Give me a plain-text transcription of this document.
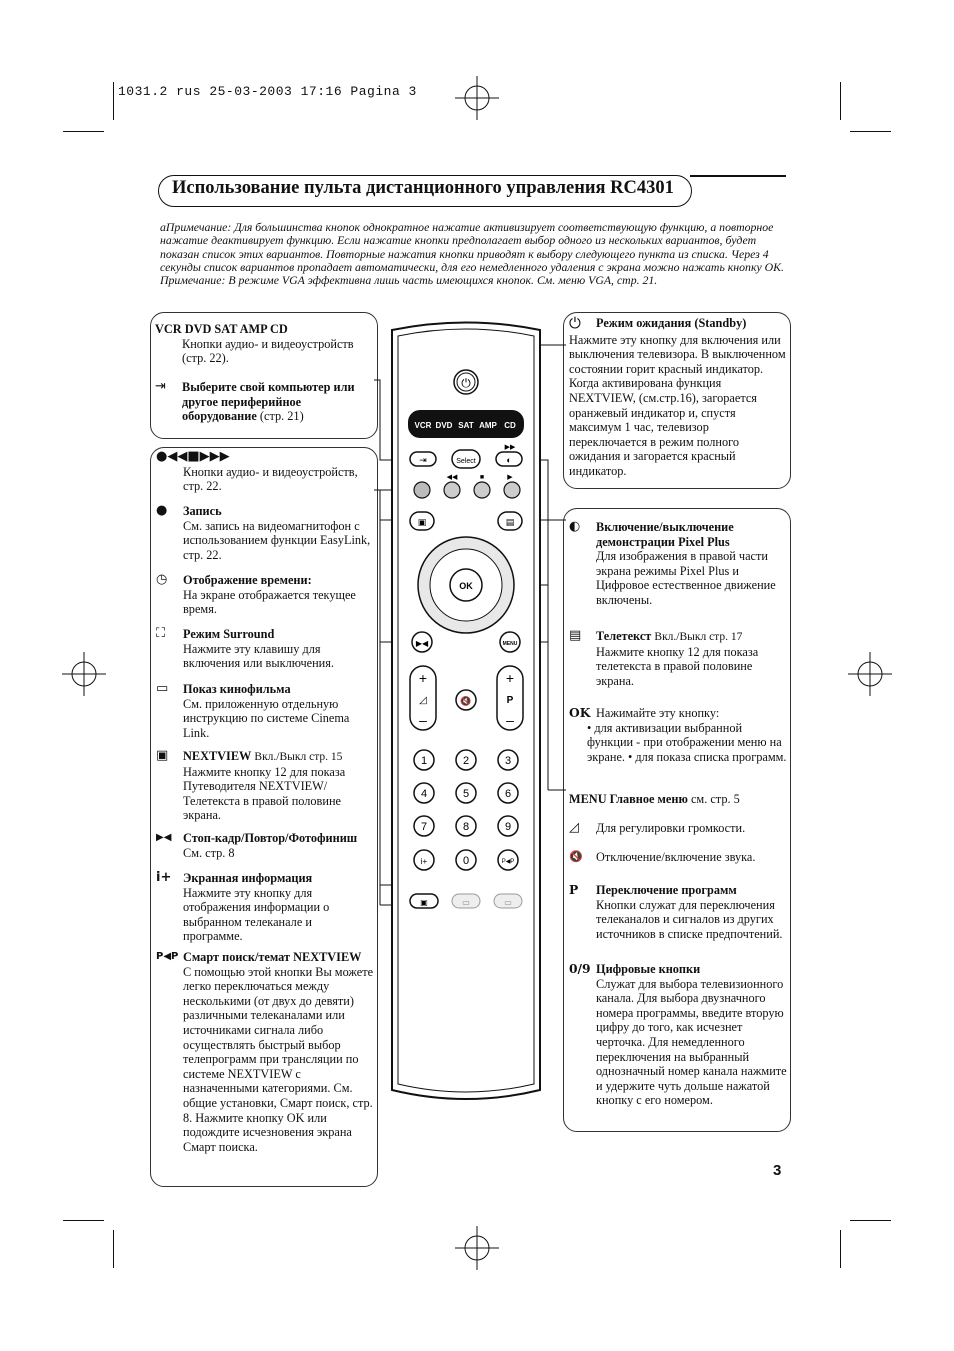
1031.2 rus 25-03-2003 17:16 Pagina 3
Использование пульта дистанционного управления RC4301

аПримечание: Для большинства кнопок однократное нажатие активизирует соответствующую функцию, а повторное нажатие деактивирует функцию. Если нажатие кнопки предполагает выбор одного из нескольких вариантов, будет показан список этих вариантов. Повторные нажатия кнопки приводят к выбору следующего пункта из списка. Через 4 секунды список вариантов пропадает автоматически, для его немедленного удаления с экрана можно нажать кнопку OK.

Примечание: В режиме VGA эффективна лишь часть имеющихся кнопок. См. меню VGA, стр. 21.

VCR DVD SAT AMP CD
Кнопки аудио- и видеоустройств (стр. 22).
⇥	Выберите свой компьютер или другое периферийное оборудование (стр. 21)
●◀◀■▶▶▶
Кнопки аудио- и видеоустройств, стр. 22.
●	Запись
См. запись на видеомагнитофон с использованием функции EasyLink, стр. 22.
◷	Отображение времени:
На экране отображается текущее время.
⛶	Режим Surround
Нажмите эту клавишу для включения или выключения.
▭	Показ кинофильма
См. приложенную отдельную инструкцию по системе Cinema Link.
▣	NEXTVIEW Вкл./Выкл стр. 15
Нажмите кнопку 12 для показа Путеводителя NEXTVIEW/ Телетекста в правой половине экрана.
▶◀ Стоп-кадр/Повтор/Фотофиниш
См. стр. 8
i+ Экранная информация
Нажмите эту кнопку для отображения информации о выбранном телеканале и программе.
P◀P Смарт поиск/темат NEXTVIEW
С помощью этой кнопки Вы можете легко переключаться между несколькими (от двух до девяти) различными телеканалами или источниками сигнала либо осуществлять быстрый выбор телепрограмм при трансляции по системе NEXTVIEW с назначенными категориями. См. общие установки, Смарт поиск, стр. 8. Нажмите кнопку OK или подождите исчезновения экрана Смарт поиска.
⏻	Режим ожидания (Standby)
Нажмите эту кнопку для включения или выключения телевизора. В выключенном состоянии горит красный индикатор. Когда активирована функция NEXTVIEW, (см.стр.16), загорается оранжевый индикатор и, спустя максимум 1 час, телевизор переключается в режим полного ожидания и загорается красный индикатор.
◐	Включение/выключение демонстрации Pixel Plus
Для изображения в правой части экрана режимы Pixel Plus и Цифровое естественное движение включены.
▤	Телетекст Вкл./Выкл стр. 17
Нажмите кнопку 12 для показа телетекста в правой половине экрана.
OK Нажимайте эту кнопку:
• для активизации выбранной функции - при отображении меню на экране. • для показа списка программ.
MENU Главное меню см. стр. 5
◿	Для регулировки громкости.
🔇	Отключение/включение звука.
P	Переключение программ
Кнопки служат для переключения телеканалов и сигналов из других источников в списке предпочтений.
0/9 Цифровые кнопки
Служат для выбора телевизионного канала. Для выбора двузначного номера программы, введите вторую цифру до того, как исчезнет черточка. Для немедленного переключения на выбранный однозначный номер канала нажмите и удержите чуть дольше нажатой кнопку с его номером.
⏻
VCR DVD SAT AMP CD
⇥	Select	◐
◀◀	■	▶
▶▶
▣	▤
OK
▶◀	MENU
+
◿
–
🔇
+
P
–
1	2	3
4	5	6
7	8	9
i+	0	P◀P
▣	▭	▭
3
